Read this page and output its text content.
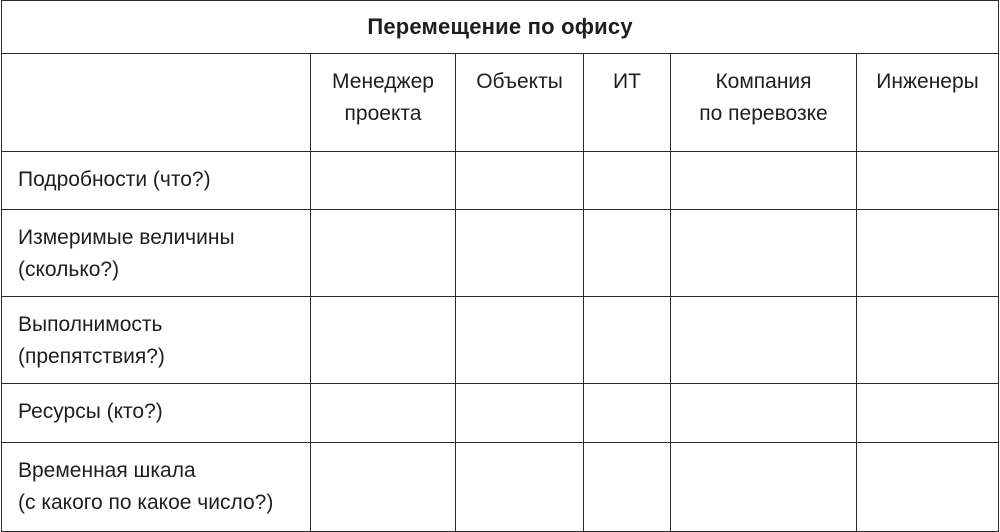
Перемещение по офису					

	Менеджер
проекта	Объекты	ИТ	Компания
по перевозке	Инженеры

Подробности (что?)					

Измеримые величины
(сколько?)					

Выполнимость
(препятствия?)					

Ресурсы (кто?)					

Временная шкала
(с какого по какое число?)					
